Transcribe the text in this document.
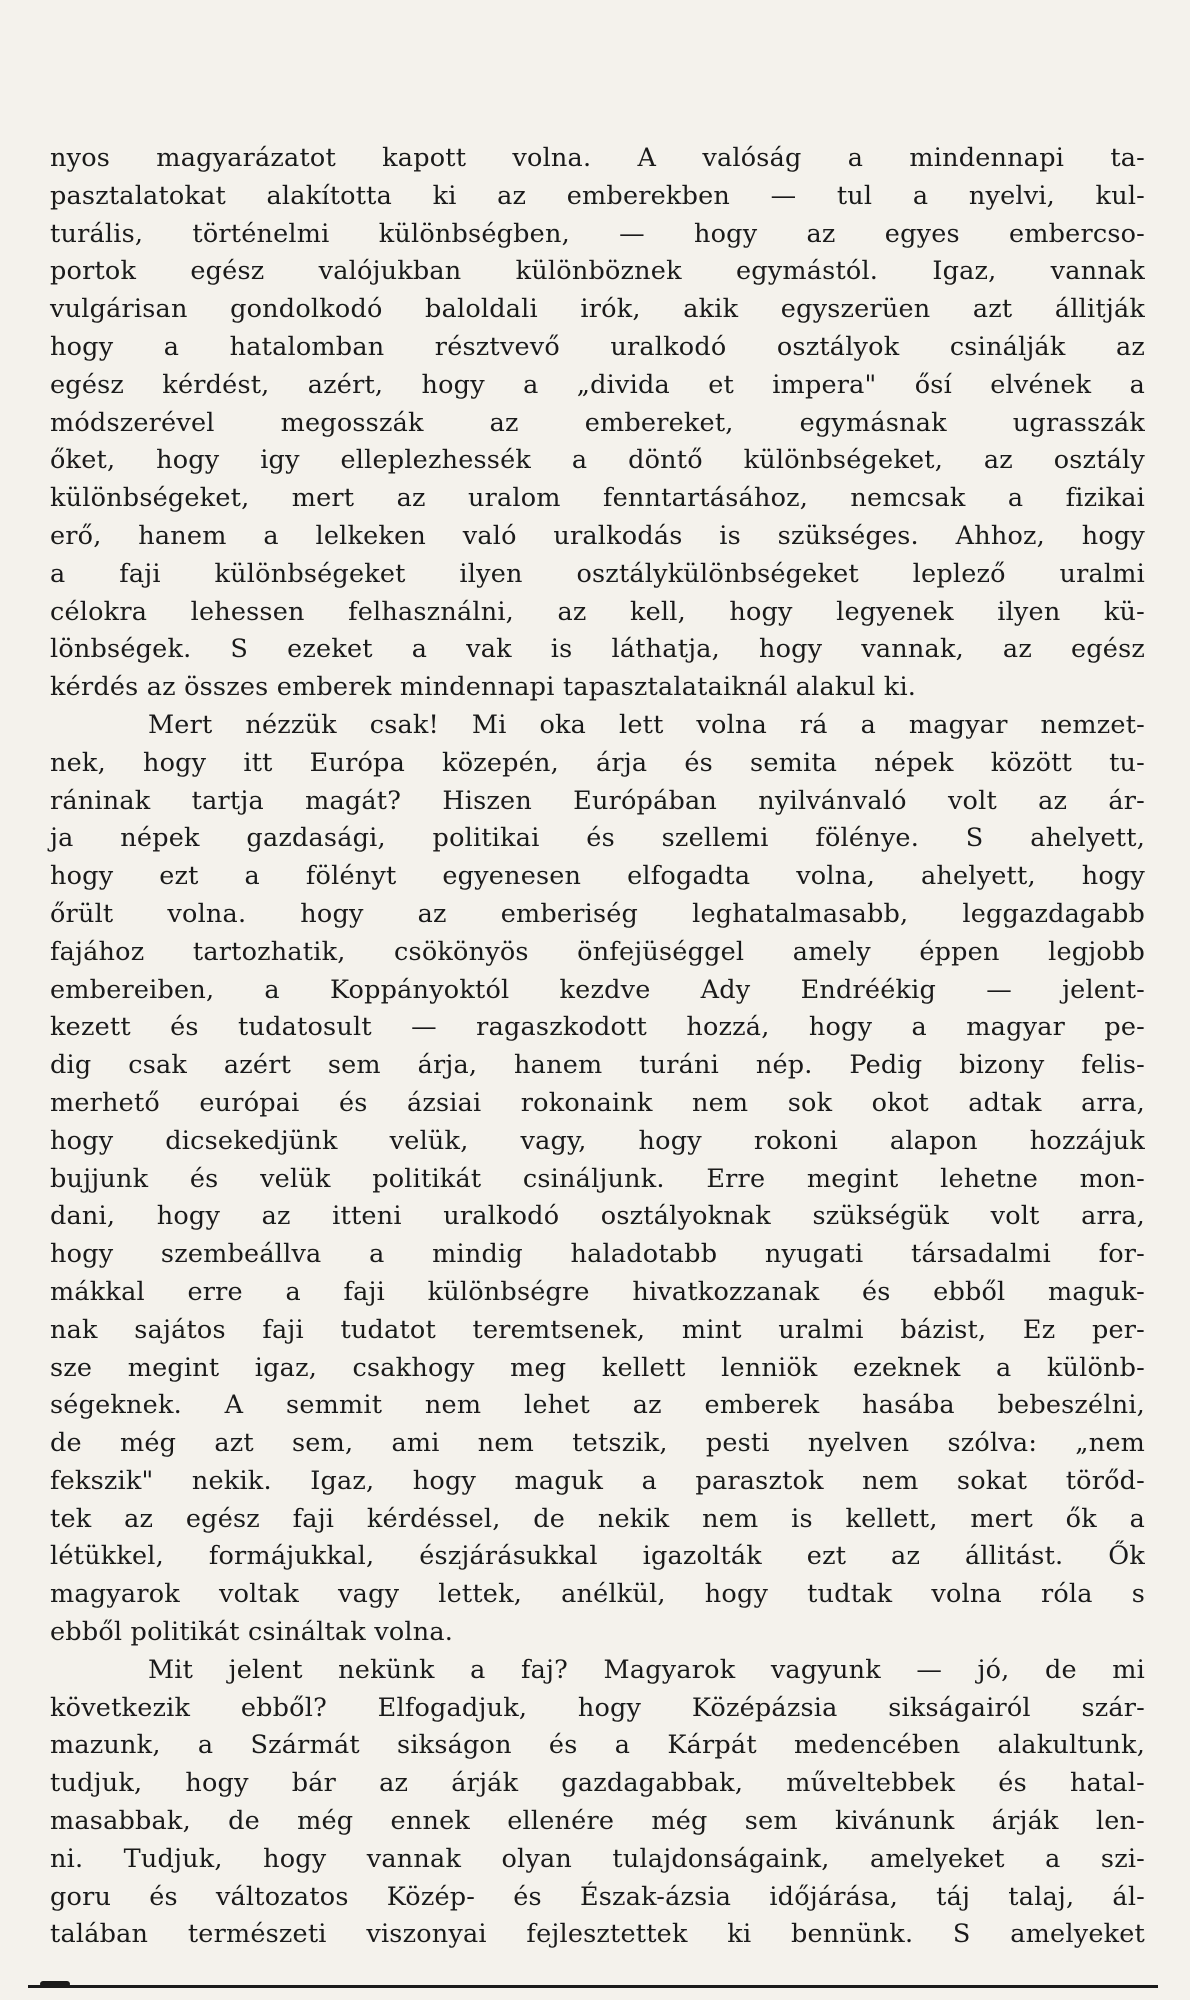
nyos magyarázatot kapott volna. A valóság a mindennapi ta-
pasztalatokat alakította ki az emberekben — tul a nyelvi, kul-
turális, történelmi különbségben, — hogy az egyes embercso-
portok egész valójukban különböznek egymástól. Igaz, vannak
vulgárisan gondolkodó baloldali irók, akik egyszerüen azt állitják
hogy a hatalomban résztvevő uralkodó osztályok csinálják az
egész kérdést, azért, hogy a „divida et impera" ősí elvének a
módszerével megosszák az embereket, egymásnak ugrasszák
őket, hogy igy elleplezhessék a döntő különbségeket, az osztály
különbségeket, mert az uralom fenntartásához, nemcsak a fizikai
erő, hanem a lelkeken való uralkodás is szükséges. Ahhoz, hogy
a faji különbségeket ilyen osztálykülönbségeket leplező uralmi
célokra lehessen felhasználni, az kell, hogy legyenek ilyen kü-
lönbségek. S ezeket a vak is láthatja, hogy vannak, az egész
kérdés az összes emberek mindennapi tapasztalataiknál alakul ki.
Mert nézzük csak! Mi oka lett volna rá a magyar nemzet-
nek, hogy itt Európa közepén, árja és semita népek között tu-
ráninak tartja magát? Hiszen Európában nyilvánvaló volt az ár-
ja népek gazdasági, politikai és szellemi fölénye. S ahelyett,
hogy ezt a fölényt egyenesen elfogadta volna, ahelyett, hogy
őrült volna. hogy az emberiség leghatalmasabb, leggazdagabb
fajához tartozhatik, csökönyös önfejüséggel amely éppen legjobb
embereiben, a Koppányoktól kezdve Ady Endréékig — jelent-
kezett és tudatosult — ragaszkodott hozzá, hogy a magyar pe-
dig csak azért sem árja, hanem turáni nép. Pedig bizony felis-
merhető európai és ázsiai rokonaink nem sok okot adtak arra,
hogy dicsekedjünk velük, vagy, hogy rokoni alapon hozzájuk
bujjunk és velük politikát csináljunk. Erre megint lehetne mon-
dani, hogy az itteni uralkodó osztályoknak szükségük volt arra,
hogy szembeállva a mindig haladotabb nyugati társadalmi for-
mákkal erre a faji különbségre hivatkozzanak és ebből maguk-
nak sajátos faji tudatot teremtsenek, mint uralmi bázist, Ez per-
sze megint igaz, csakhogy meg kellett lenniök ezeknek a különb-
ségeknek. A semmit nem lehet az emberek hasába bebeszélni,
de még azt sem, ami nem tetszik, pesti nyelven szólva: „nem
fekszik" nekik. Igaz, hogy maguk a parasztok nem sokat törőd-
tek az egész faji kérdéssel, de nekik nem is kellett, mert ők a
létükkel, formájukkal, észjárásukkal igazolták ezt az állitást. Ők
magyarok voltak vagy lettek, anélkül, hogy tudtak volna róla s
ebből politikát csináltak volna.
Mit jelent nekünk a faj? Magyarok vagyunk — jó, de mi
következik ebből? Elfogadjuk, hogy Középázsia sikságairól szár-
mazunk, a Szármát sikságon és a Kárpát medencében alakultunk,
tudjuk, hogy bár az árják gazdagabbak, műveltebbek és hatal-
masabbak, de még ennek ellenére még sem kivánunk árják len-
ni. Tudjuk, hogy vannak olyan tulajdonságaink, amelyeket a szi-
goru és változatos Közép- és Észak-ázsia időjárása, táj talaj, ál-
talában természeti viszonyai fejlesztettek ki bennünk. S amelyeket
